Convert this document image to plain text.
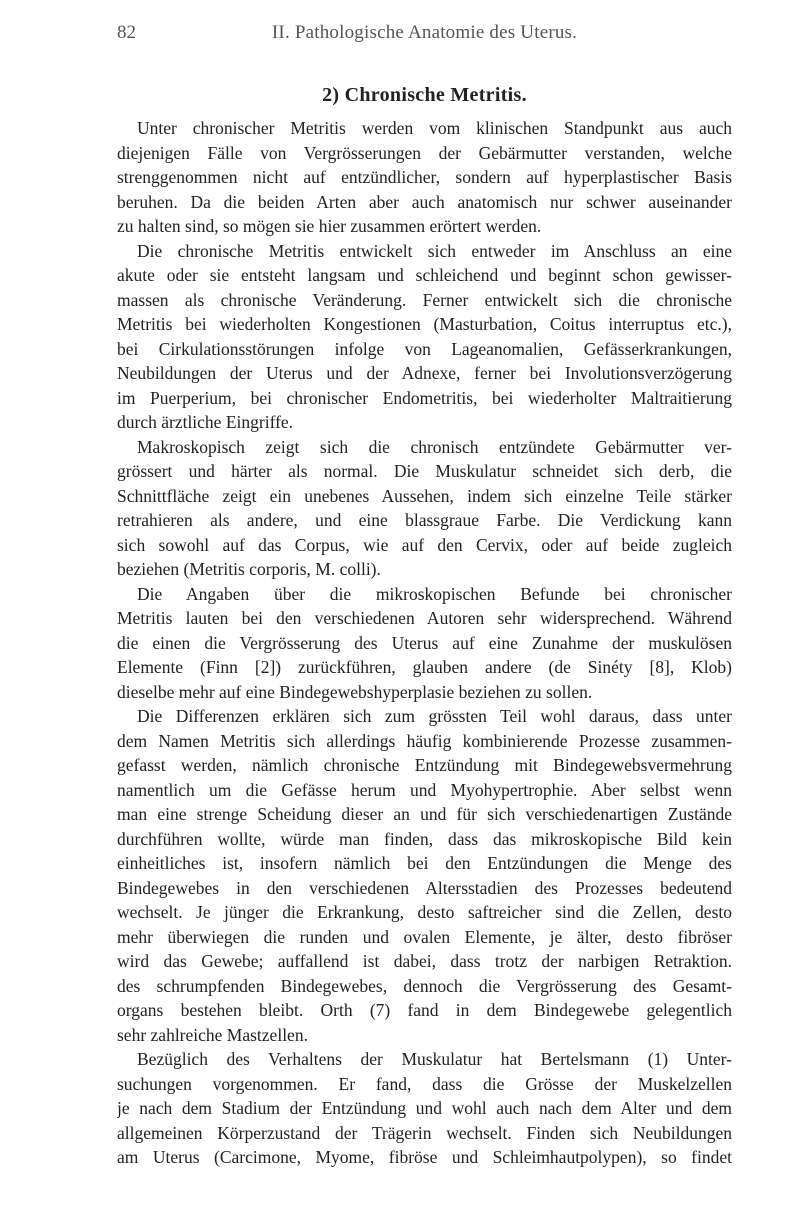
82	II. Pathologische Anatomie des Uterus.
2) Chronische Metritis.
Unter chronischer Metritis werden vom klinischen Standpunkt aus auch
diejenigen Fälle von Vergrösserungen der Gebärmutter verstanden, welche
strenggenommen nicht auf entzündlicher, sondern auf hyperplastischer Basis
beruhen. Da die beiden Arten aber auch anatomisch nur schwer auseinander
zu halten sind, so mögen sie hier zusammen erörtert werden.
Die chronische Metritis entwickelt sich entweder im Anschluss an eine
akute oder sie entsteht langsam und schleichend und beginnt schon gewisser-
massen als chronische Veränderung. Ferner entwickelt sich die chronische
Metritis bei wiederholten Kongestionen (Masturbation, Coitus interruptus etc.),
bei Cirkulationsstörungen infolge von Lageanomalien, Gefässerkrankungen,
Neubildungen der Uterus und der Adnexe, ferner bei Involutionsverzögerung
im Puerperium, bei chronischer Endometritis, bei wiederholter Maltraitierung
durch ärztliche Eingriffe.
Makroskopisch zeigt sich die chronisch entzündete Gebärmutter ver-
grössert und härter als normal. Die Muskulatur schneidet sich derb, die
Schnittfläche zeigt ein unebenes Aussehen, indem sich einzelne Teile stärker
retrahieren als andere, und eine blassgraue Farbe. Die Verdickung kann
sich sowohl auf das Corpus, wie auf den Cervix, oder auf beide zugleich
beziehen (Metritis corporis, M. colli).
Die Angaben über die mikroskopischen Befunde bei chronischer
Metritis lauten bei den verschiedenen Autoren sehr widersprechend. Während
die einen die Vergrösserung des Uterus auf eine Zunahme der muskulösen
Elemente (Finn [2]) zurückführen, glauben andere (de Sinéty [8], Klob)
dieselbe mehr auf eine Bindegewebshyperplasie beziehen zu sollen.
Die Differenzen erklären sich zum grössten Teil wohl daraus, dass unter
dem Namen Metritis sich allerdings häufig kombinierende Prozesse zusammen-
gefasst werden, nämlich chronische Entzündung mit Bindegewebsvermehrung
namentlich um die Gefässe herum und Myohypertrophie. Aber selbst wenn
man eine strenge Scheidung dieser an und für sich verschiedenartigen Zustände
durchführen wollte, würde man finden, dass das mikroskopische Bild kein
einheitliches ist, insofern nämlich bei den Entzündungen die Menge des
Bindegewebes in den verschiedenen Altersstadien des Prozesses bedeutend
wechselt. Je jünger die Erkrankung, desto saftreicher sind die Zellen, desto
mehr überwiegen die runden und ovalen Elemente, je älter, desto fibröser
wird das Gewebe; auffallend ist dabei, dass trotz der narbigen Retraktion.
des schrumpfenden Bindegewebes, dennoch die Vergrösserung des Gesamt-
organs bestehen bleibt. Orth (7) fand in dem Bindegewebe gelegentlich
sehr zahlreiche Mastzellen.
Bezüglich des Verhaltens der Muskulatur hat Bertelsmann (1) Unter-
suchungen vorgenommen. Er fand, dass die Grösse der Muskelzellen
je nach dem Stadium der Entzündung und wohl auch nach dem Alter und dem
allgemeinen Körperzustand der Trägerin wechselt. Finden sich Neubildungen
am Uterus (Carcimone, Myome, fibröse und Schleimhautpolypen), so findet
